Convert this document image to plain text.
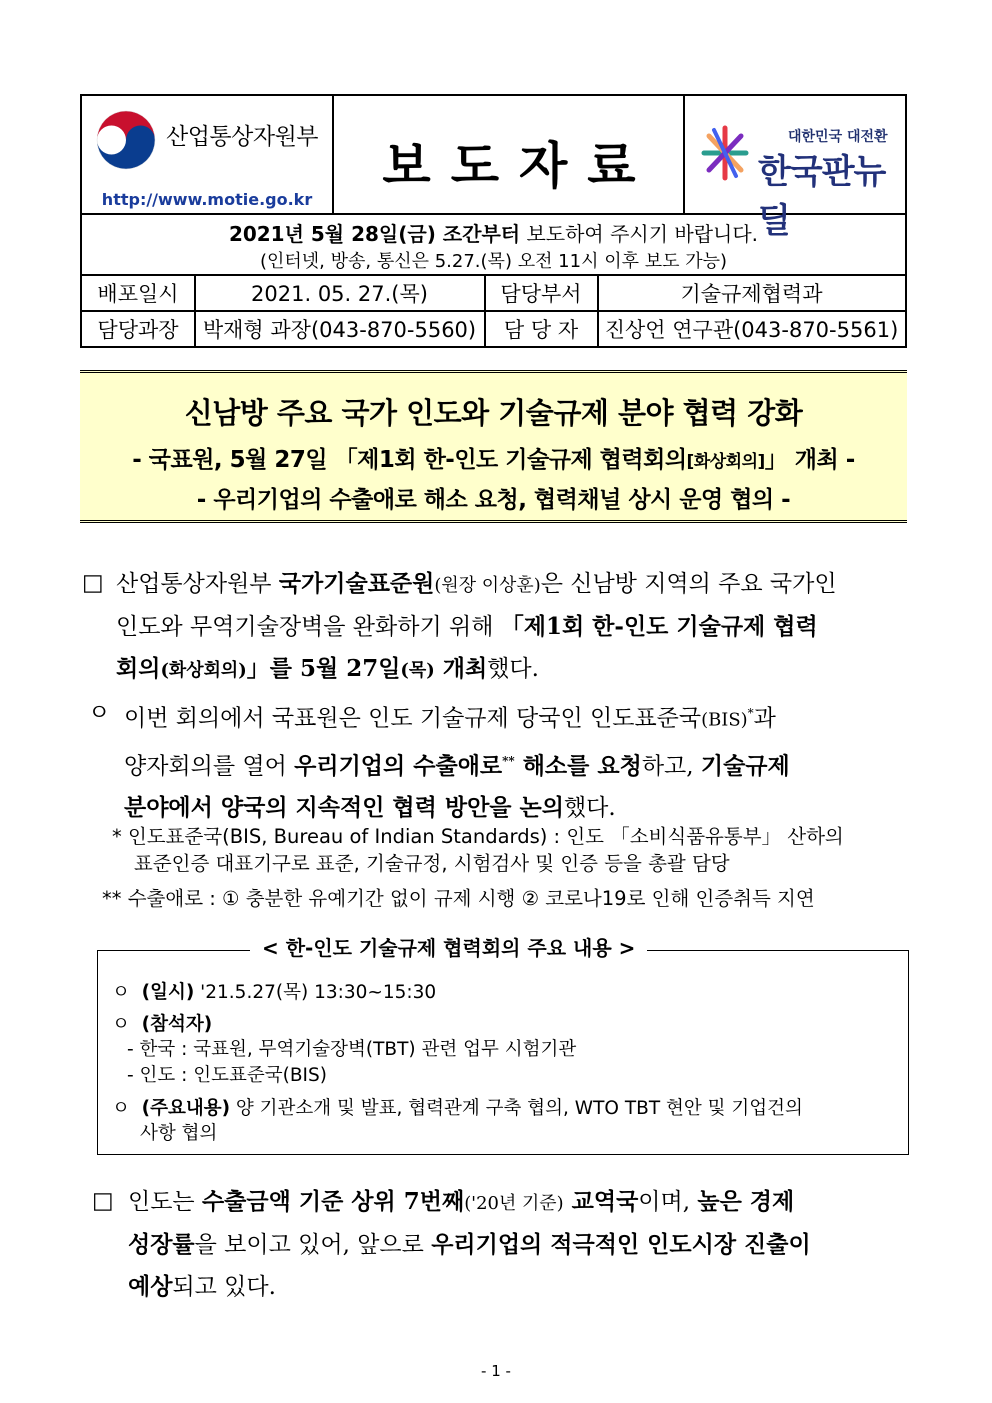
산업통상자원부
http://www.motie.go.kr
보도자료	대한민국 대전환
한국판뉴딜
2021년 5월 28일(금) 조간부터 보도하여 주시기 바랍니다.
(인터넷, 방송, 통신은 5.27.(목) 오전 11시 이후 보도 가능)
배포일시	2021. 05. 27.(목)	담당부서	기술규제협력과
담당과장	박재형 과장(043-870-5560)	담 당 자	진상언 연구관(043-870-5561)
신남방 주요 국가 인도와 기술규제 분야 협력 강화
- 국표원, 5월 27일 「제1회 한-인도 기술규제 협력회의[화상회의]」 개최 -
- 우리기업의 수출애로 해소 요청, 협력채널 상시 운영 협의 -
□ 산업통상자원부 국가기술표준원(원장 이상훈)은 신남방 지역의 주요 국가인
인도와 무역기술장벽을 완화하기 위해 「제1회 한-인도 기술규제 협력
회의(화상회의)」를 5월 27일(목) 개최했다.
ㅇ 이번 회의에서 국표원은 인도 기술규제 당국인 인도표준국(BIS)*과
양자회의를 열어 우리기업의 수출애로** 해소를 요청하고, 기술규제
분야에서 양국의 지속적인 협력 방안을 논의했다.
* 인도표준국(BIS, Bureau of Indian Standards) : 인도 「소비식품유통부」 산하의
표준인증 대표기구로 표준, 기술규정, 시험검사 및 인증 등을 총괄 담당
** 수출애로 : ① 충분한 유예기간 없이 규제 시행 ② 코로나19로 인해 인증취득 지연
< 한-인도 기술규제 협력회의 주요 내용 >
ㅇ (일시) '21.5.27(목) 13:30~15:30
ㅇ (참석자)
- 한국 : 국표원, 무역기술장벽(TBT) 관련 업무 시험기관
- 인도 : 인도표준국(BIS)
ㅇ (주요내용) 양 기관소개 및 발표, 협력관계 구축 협의, WTO TBT 현안 및 기업건의
사항 협의
□ 인도는 수출금액 기준 상위 7번째('20년 기준) 교역국이며, 높은 경제
성장률을 보이고 있어, 앞으로 우리기업의 적극적인 인도시장 진출이
예상되고 있다.
- 1 -
